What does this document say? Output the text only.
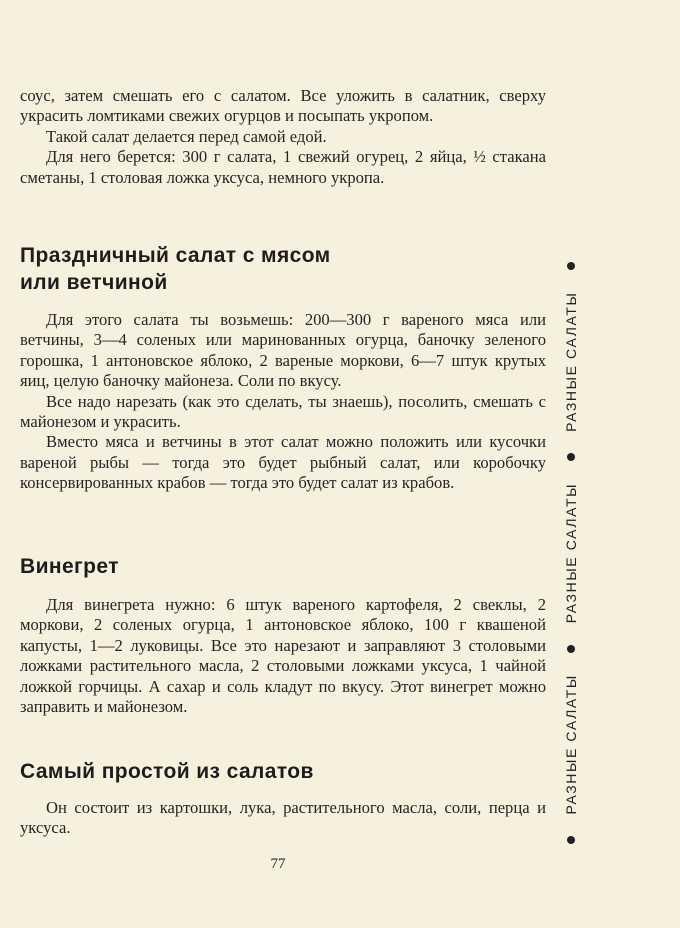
соус, затем смешать его с салатом. Все уложить в салатник, сверху украсить ломтиками свежих огурцов и посыпать укропом.

Такой салат делается перед самой едой.

Для него берется: 300 г салата, 1 свежий огурец, 2 яйца, ½ стакана сметаны, 1 столовая ложка уксуса, немного укропа.

Праздничный салат с мясом
или ветчиной

Для этого салата ты возьмешь: 200—300 г вареного мяса или ветчины, 3—4 соленых или маринованных огурца, баночку зеленого горошка, 1 антоновское яблоко, 2 вареные моркови, 6—7 штук крутых яиц, целую баночку майонеза. Соли по вкусу.

Все надо нарезать (как это сделать, ты знаешь), посолить, смешать с майонезом и украсить.

Вместо мяса и ветчины в этот салат можно положить или кусочки вареной рыбы — тогда это будет рыбный салат, или коробочку консервированных крабов — тогда это будет салат из крабов.

Винегрет

Для винегрета нужно: 6 штук вареного картофеля, 2 свеклы, 2 моркови, 2 соленых огурца, 1 антоновское яблоко, 100 г квашеной капусты, 1—2 луковицы. Все это нарезают и заправляют 3 столовыми ложками растительного масла, 2 столовыми ложками уксуса, 1 чайной ложкой горчицы. А сахар и соль кладут по вкусу. Этот винегрет можно заправить и майонезом.

Самый простой из салатов

Он состоит из картошки, лука, растительного масла, соли, перца и уксуса.

77
РАЗНЫЕ САЛАТЫ
РАЗНЫЕ САЛАТЫ
РАЗНЫЕ САЛАТЫ
